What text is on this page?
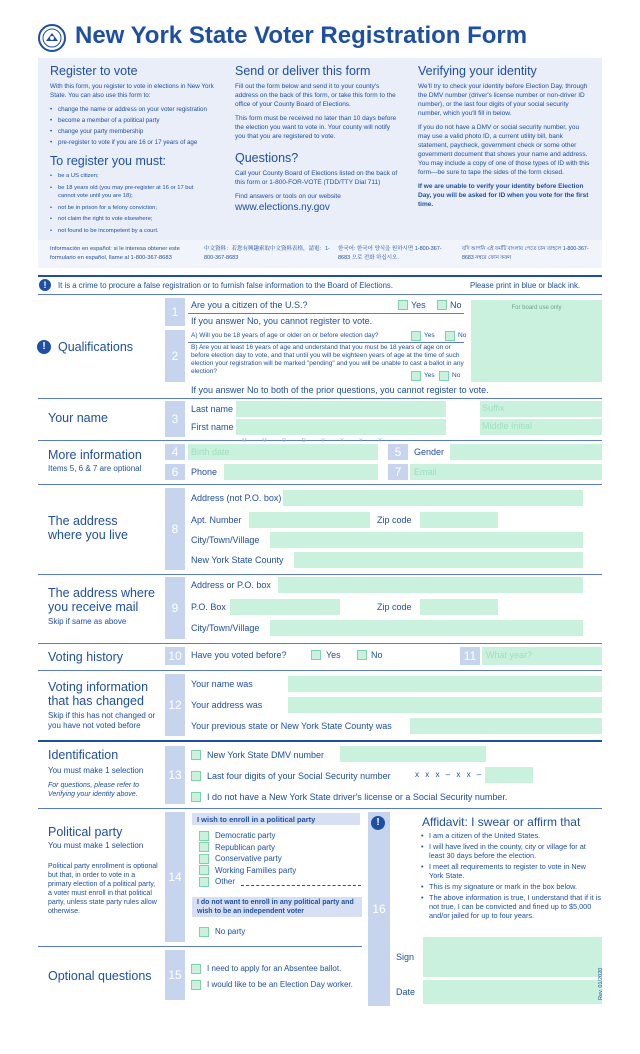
New York State Voter Registration Form
Register to vote
With this form, you register to vote in elections in New York State. You can also use this form to:
• change the name or address on your voter registration
• become a member of a political party
• change your party membership
• pre-register to vote if you are 16 or 17 years of age
To register you must:
• be a US citizen;
• be 18 years old (you may pre-register at 16 or 17 but cannot vote until you are 18);
• not be in prison for a felony conviction;
• not claim the right to vote elsewhere;
• not found to be incompetent by a court.
Send or deliver this form
Fill out the form below and send it to your county's address on the back of this form, or take this form to the office of your County Board of Elections.
This form must be received no later than 10 days before the election you want to vote in. Your county will notify you that you are registered to vote.
Questions?
Call your County Board of Elections listed on the back of this form or 1-800-FOR-VOTE (TDD/TTY Dial 711)
Find answers or tools on our website
www.elections.ny.gov
Verifying your identity
We'll try to check your identity before Election Day, through the DMV number (driver's license number or non-driver ID number), or the last four digits of your social security number, which you'll fill in below.
If you do not have a DMV or social security number, you may use a valid photo ID, a current utility bill, bank statement, paycheck, government check or some other government document that shows your name and address. You may include a copy of one of those types of ID with this form—be sure to tape the sides of the form closed.
If we are unable to verify your identity before Election Day, you will be asked for ID when you vote for the first time.
Información en español: si le interesa obtener este formulario en español, llame al 1-800-367-8683
中文資料：若您有興趣索取中文資料表格，請電：1-800-367-8683
한국어: 한국어 양식을 원하시면 1-800-367-8683 으로 전화 하십시오.
যদি আপনি এই ফর্মটি বাংলায় পেতে চান তাহলে 1-800-367-8683 নম্বরে ফোন করুন
!	It is a crime to procure a false registration or to furnish false information to the Board of Elections.	Please print in blue or black ink.
! Qualifications
1	Are you a citizen of the U.S.?	Yes	No
If you answer No, you cannot register to vote.
2
A) Will you be 18 years of age or older on or before election day?	Yes	No
B) Are you at least 16 years of age and understand that you must be 18 years of age on or before election day to vote, and that until you will be eighteen years of age at the time of such election your registration will be marked "pending" and you will be unable to cast a ballot in any election?
Yes	No
If you answer No to both of the prior questions, you cannot register to vote.
For board use only
Your name	3
Last name	Suffix
First name	Middle Initial
More information
Items 5, 6 & 7 are optional
4	Birth date
M M D D Y Y Y Y
5	Gender
6	Phone	7	Email
The address where you live	8
Address (not P.O. box)
Apt. Number	Zip code
City/Town/Village
New York State County
The address where you receive mail
Skip if same as above
9
Address or P.O. box
P.O. Box	Zip code
City/Town/Village
Voting history	10	Have you voted before?	Yes	No	11	What year?
Voting information that has changed
Skip if this has not changed or you have not voted before
12
Your name was
Your address was
Your previous state or New York State County was
Identification
You must make 1 selection
For questions, please refer to Verifying your identity above.
13
New York State DMV number
Last four digits of your Social Security number	x x x – x x –
I do not have a New York State driver's license or a Social Security number.
Political party
You must make 1 selection
Political party enrollment is optional but that, in order to vote in a primary election of a political party, a voter must enroll in that political party, unless state party rules allow otherwise.
14
I wish to enroll in a political party
Democratic party
Republican party
Conservative party
Working Families party
Other
I do not want to enroll in any political party and wish to be an independent voter
No party
Optional questions 15	I need to apply for an Absentee ballot.
I would like to be an Election Day worker.
16
!	Affidavit: I swear or affirm that
• I am a citizen of the United States.
• I will have lived in the county, city or village for at least 30 days before the election.
• I meet all requirements to register to vote in New York State.
• This is my signature or mark in the box below.
• The above information is true, I understand that if it is not true, I can be convicted and fined up to $5,000 and/or jailed for up to four years.
Sign
Date	Rev. 01/2020
